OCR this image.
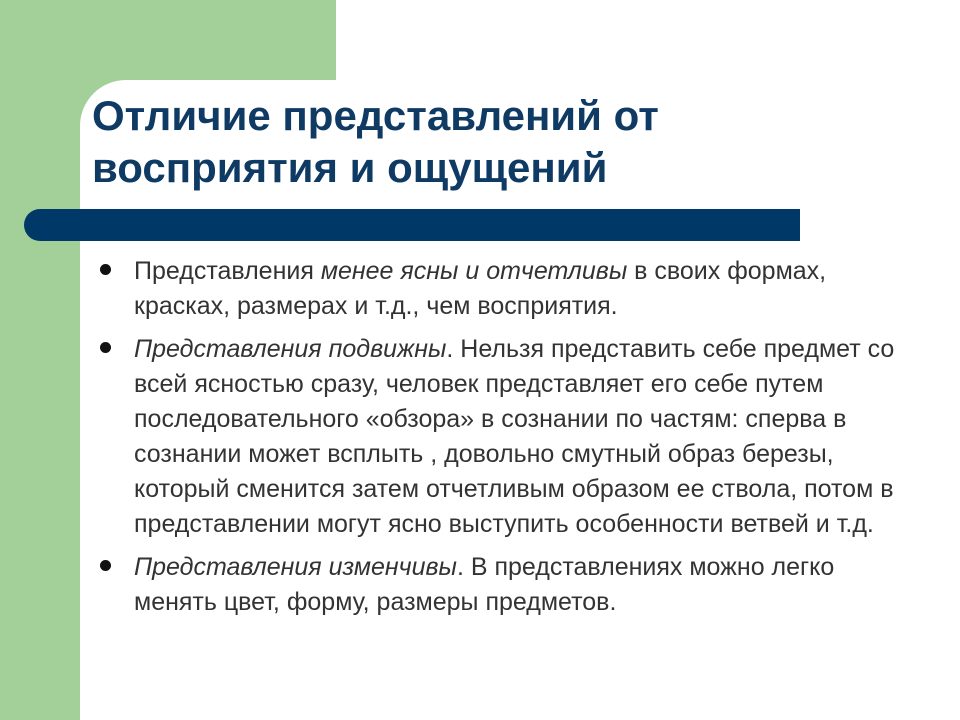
Отличие представлений от восприятия и ощущений
Представления менее ясны и отчетливы в своих формах, красках, размерах и т.д., чем восприятия.
Представления подвижны. Нельзя представить себе предмет со всей ясностью сразу, человек представляет его себе путем последовательного «обзора» в сознании по частям: сперва в сознании может всплыть , довольно смутный образ березы, который сменится затем отчетливым образом ее ствола, потом в представлении могут ясно выступить особенности ветвей и т.д.
Представления изменчивы. В представлениях можно легко менять цвет, форму, размеры предметов.
